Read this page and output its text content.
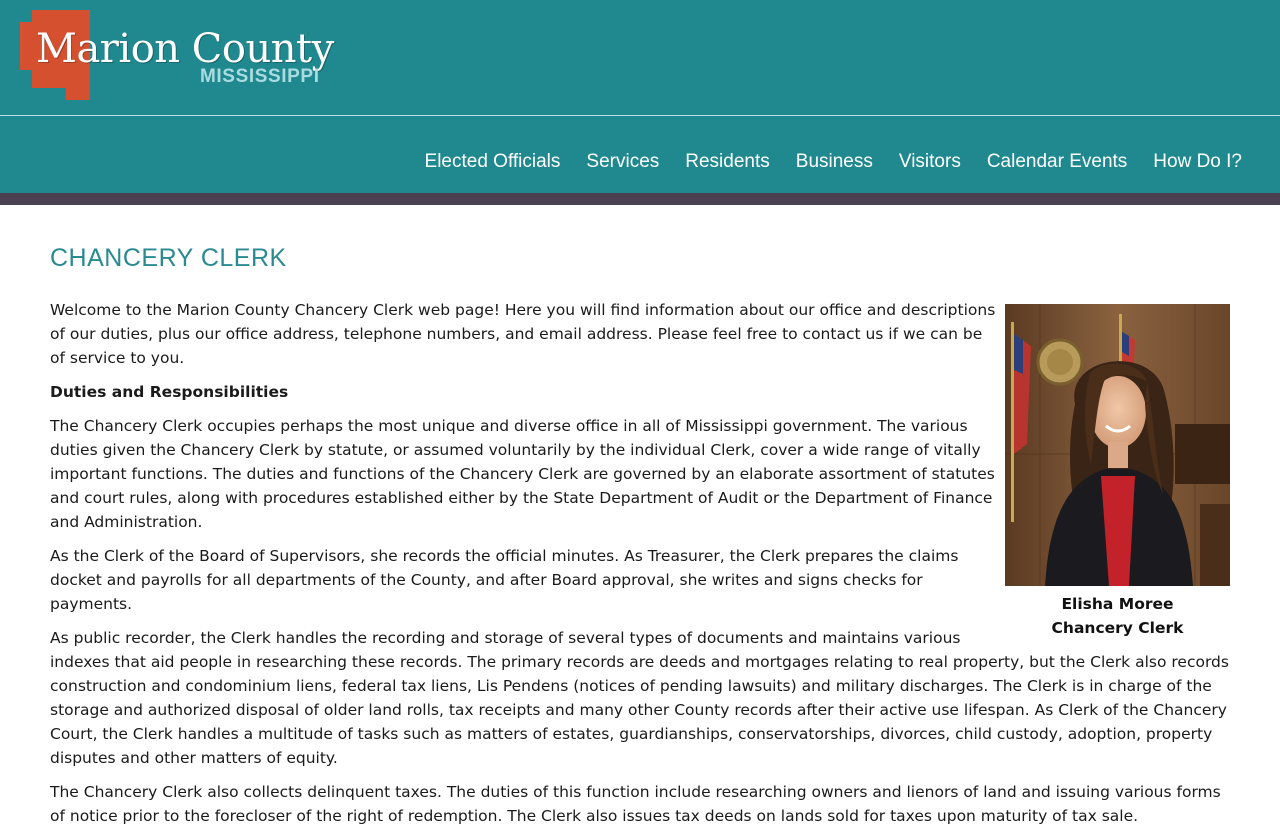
Marion County
MISSISSIPPI
Elected Officials Services Residents Business Visitors Calendar Events How Do I?
CHANCERY CLERK
Elisha Moree
Chancery Clerk

Welcome to the Marion County Chancery Clerk web page! Here you will find information about our office and descriptions of our duties, plus our office address, telephone numbers, and email address. Please feel free to contact us if we can be of service to you.

Duties and Responsibilities

The Chancery Clerk occupies perhaps the most unique and diverse office in all of Mississippi government. The various duties given the Chancery Clerk by statute, or assumed voluntarily by the individual Clerk, cover a wide range of vitally important functions. The duties and functions of the Chancery Clerk are governed by an elaborate assortment of statutes and court rules, along with procedures established either by the State Department of Audit or the Department of Finance and Administration.

As the Clerk of the Board of Supervisors, she records the official minutes. As Treasurer, the Clerk prepares the claims docket and payrolls for all departments of the County, and after Board approval, she writes and signs checks for payments.

As public recorder, the Clerk handles the recording and storage of several types of documents and maintains various indexes that aid people in researching these records. The primary records are deeds and mortgages relating to real property, but the Clerk also records construction and condominium liens, federal tax liens, Lis Pendens (notices of pending lawsuits) and military discharges. The Clerk is in charge of the storage and authorized disposal of older land rolls, tax receipts and many other County records after their active use lifespan. As Clerk of the Chancery Court, the Clerk handles a multitude of tasks such as matters of estates, guardianships, conservatorships, divorces, child custody, adoption, property disputes and other matters of equity.

The Chancery Clerk also collects delinquent taxes. The duties of this function include researching owners and lienors of land and issuing various forms of notice prior to the forecloser of the right of redemption. The Clerk also issues tax deeds on lands sold for taxes upon maturity of tax sale.
